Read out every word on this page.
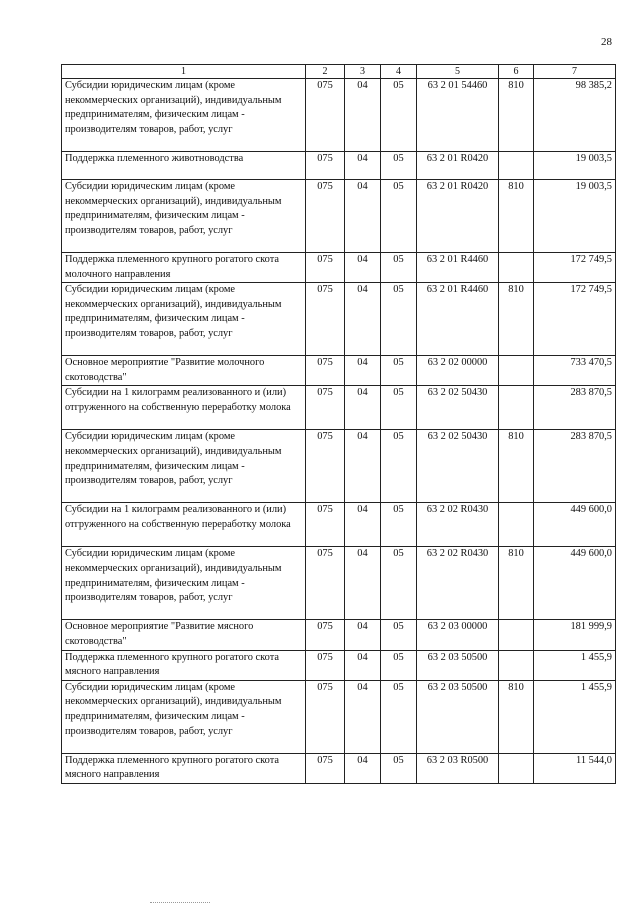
28
1	2	3	4	5	6	7
Субсидии юридическим лицам (кроме некоммерческих организаций), индивидуальным предпринимателям, физическим лицам - производителям товаров, работ, услуг	075	04	05	63 2 01 54460	810	98 385,2
Поддержка племенного животноводства	075	04	05	63 2 01 R0420		19 003,5
Субсидии юридическим лицам (кроме некоммерческих организаций), индивидуальным предпринимателям, физическим лицам - производителям товаров, работ, услуг	075	04	05	63 2 01 R0420	810	19 003,5
Поддержка племенного крупного рогатого скота молочного направления	075	04	05	63 2 01 R4460		172 749,5
Субсидии юридическим лицам (кроме некоммерческих организаций), индивидуальным предпринимателям, физическим лицам - производителям товаров, работ, услуг	075	04	05	63 2 01 R4460	810	172 749,5
Основное мероприятие "Развитие молочного скотоводства"	075	04	05	63 2 02 00000		733 470,5
Субсидии на 1 килограмм реализованного и (или) отгруженного на собственную переработку молока	075	04	05	63 2 02 50430		283 870,5
Субсидии юридическим лицам (кроме некоммерческих организаций), индивидуальным предпринимателям, физическим лицам - производителям товаров, работ, услуг	075	04	05	63 2 02 50430	810	283 870,5
Субсидии на 1 килограмм реализованного и (или) отгруженного на собственную переработку молока	075	04	05	63 2 02 R0430		449 600,0
Субсидии юридическим лицам (кроме некоммерческих организаций), индивидуальным предпринимателям, физическим лицам - производителям товаров, работ, услуг	075	04	05	63 2 02 R0430	810	449 600,0
Основное мероприятие "Развитие мясного скотоводства"	075	04	05	63 2 03 00000		181 999,9
Поддержка племенного крупного рогатого скота мясного направления	075	04	05	63 2 03 50500		1 455,9
Субсидии юридическим лицам (кроме некоммерческих организаций), индивидуальным предпринимателям, физическим лицам - производителям товаров, работ, услуг	075	04	05	63 2 03 50500	810	1 455,9
Поддержка племенного крупного рогатого скота мясного направления	075	04	05	63 2 03 R0500		11 544,0
